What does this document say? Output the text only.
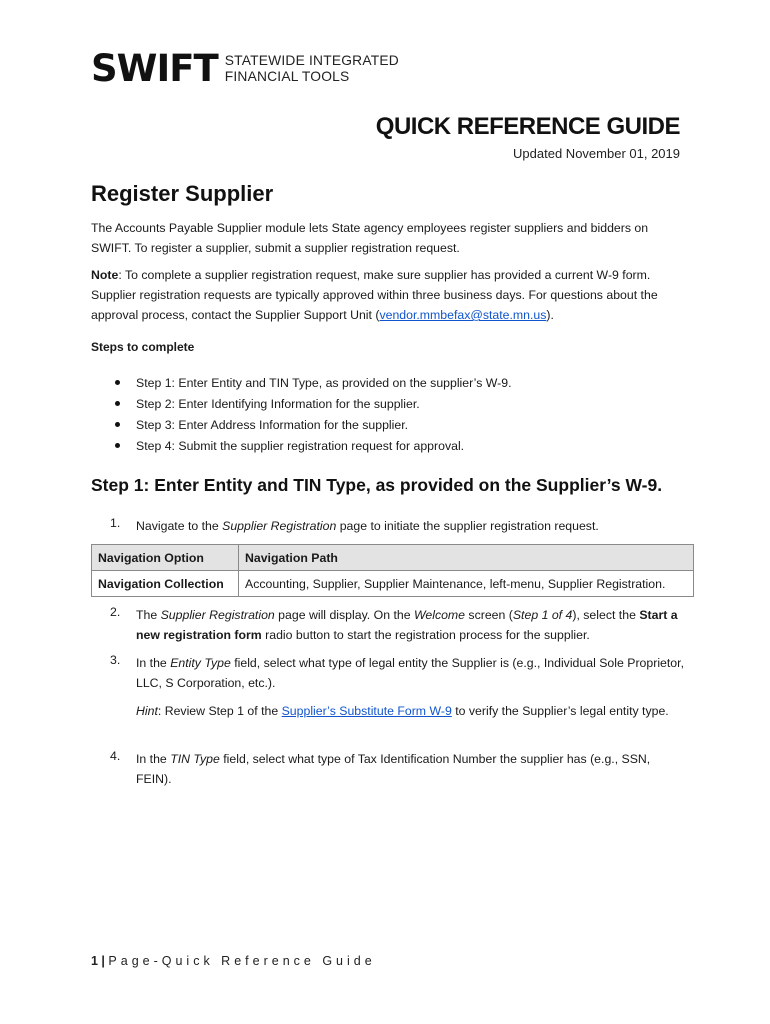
SWIFT STATEWIDE INTEGRATED
FINANCIAL TOOLS
QUICK REFERENCE GUIDE
Updated November 01, 2019
Register Supplier

The Accounts Payable Supplier module lets State agency employees register suppliers and bidders on SWIFT. To register a supplier, submit a supplier registration request.

Note: To complete a supplier registration request, make sure supplier has provided a current W-9 form. Supplier registration requests are typically approved within three business days. For questions about the approval process, contact the Supplier Support Unit (vendor.mmbefax@state.mn.us).

Steps to complete
Step 1: Enter Entity and TIN Type, as provided on the supplier’s W-9.
Step 2: Enter Identifying Information for the supplier.
Step 3: Enter Address Information for the supplier.
Step 4: Submit the supplier registration request for approval.
Step 1: Enter Entity and TIN Type, as provided on the Supplier’s W-9.
1.	Navigate to the Supplier Registration page to initiate the supplier registration request.
Navigation Option	Navigation Path
Navigation Collection	Accounting, Supplier, Supplier Maintenance, left-menu, Supplier Registration.
2.	The Supplier Registration page will display. On the Welcome screen (Step 1 of 4), select the Start a new registration form radio button to start the registration process for the supplier.
3.	In the Entity Type field, select what type of legal entity the Supplier is (e.g., Individual Sole Proprietor, LLC, S Corporation, etc.).
Hint: Review Step 1 of the Supplier’s Substitute Form W-9 to verify the Supplier’s legal entity type.
4.	In the TIN Type field, select what type of Tax Identification Number the supplier has (e.g., SSN, FEIN).
1 | Page-Quick Reference Guide
